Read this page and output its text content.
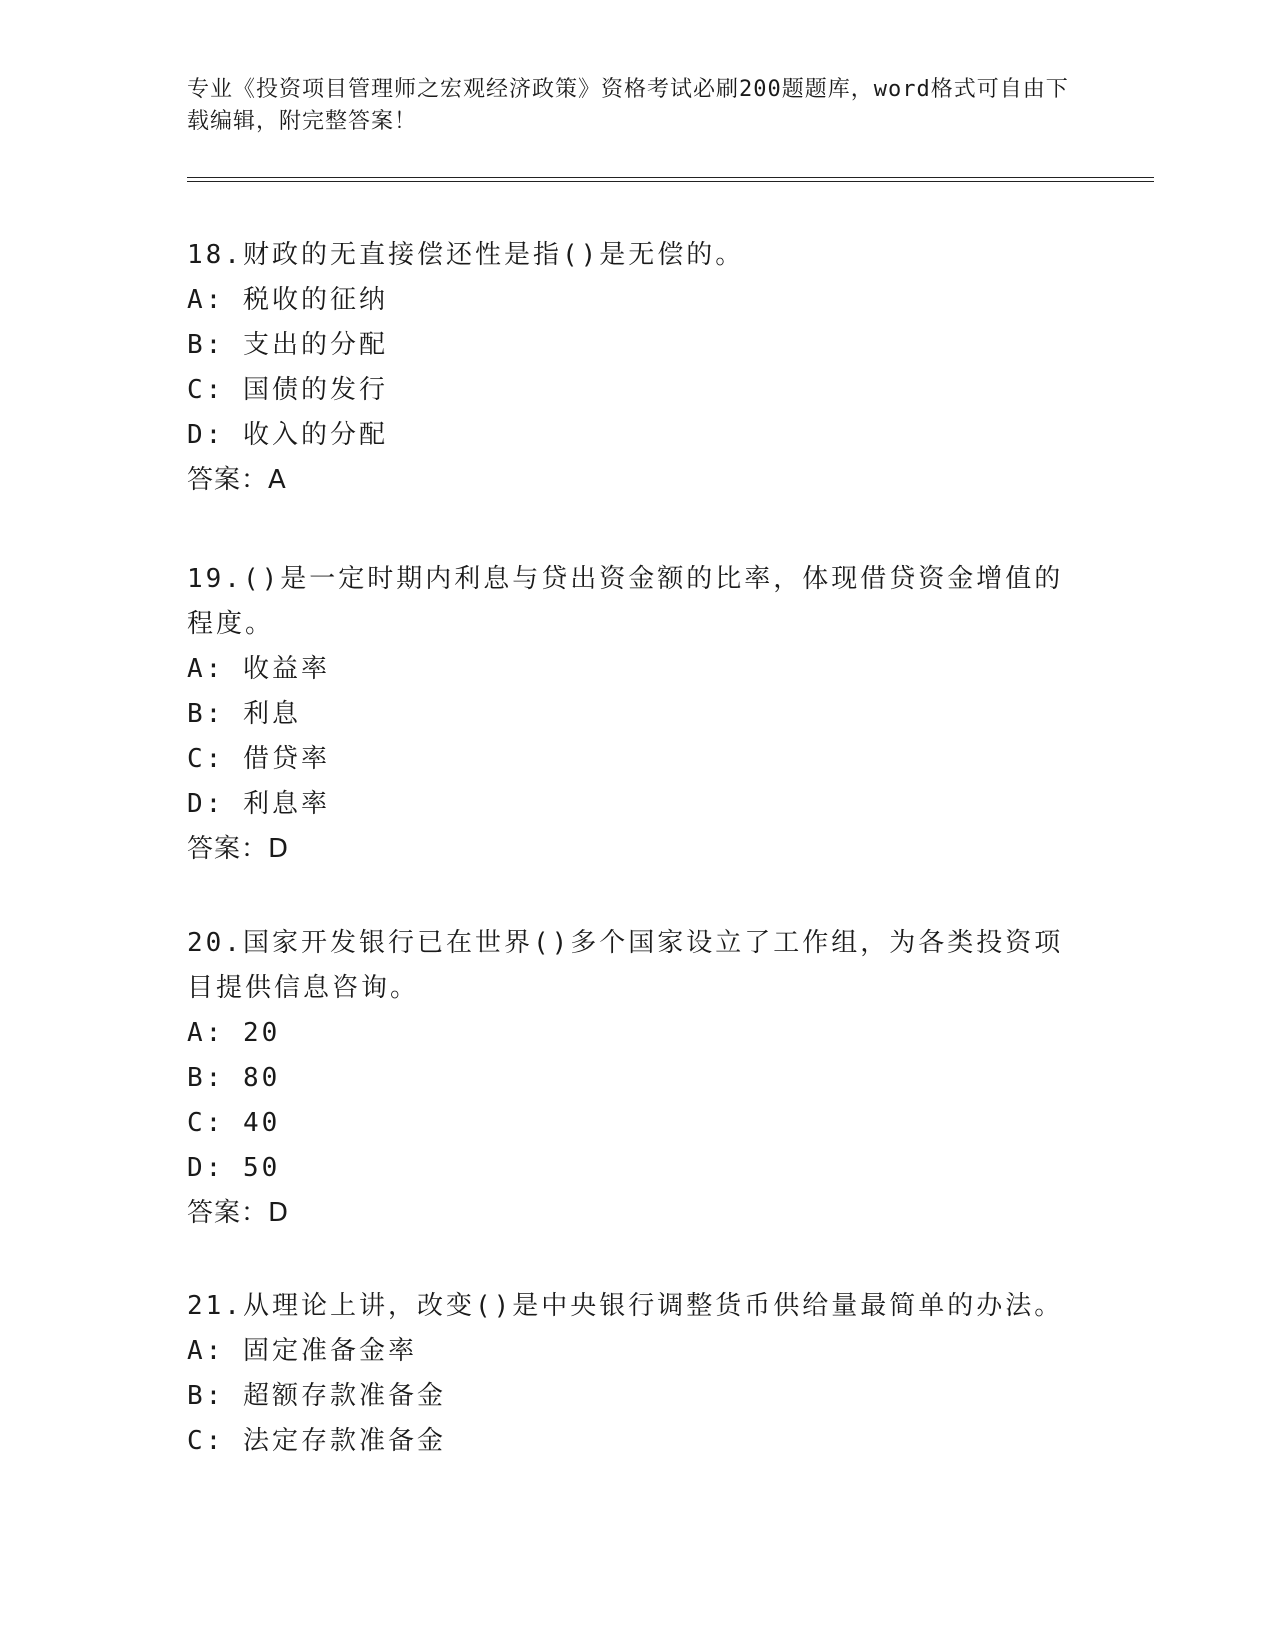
专业《投资项目管理师之宏观经济政策》资格考试必刷200题题库，word格式可自由下载编辑，附完整答案！
18.财政的无直接偿还性是指()是无偿的。
A: 税收的征纳
B: 支出的分配
C: 国债的发行
D: 收入的分配
答案：A
19.()是一定时期内利息与贷出资金额的比率，体现借贷资金增值的程度。
A: 收益率
B: 利息
C: 借贷率
D: 利息率
答案：D
20.国家开发银行已在世界()多个国家设立了工作组，为各类投资项目提供信息咨询。
A: 20
B: 80
C: 40
D: 50
答案：D
21.从理论上讲，改变()是中央银行调整货币供给量最简单的办法。
A: 固定准备金率
B: 超额存款准备金
C: 法定存款准备金
